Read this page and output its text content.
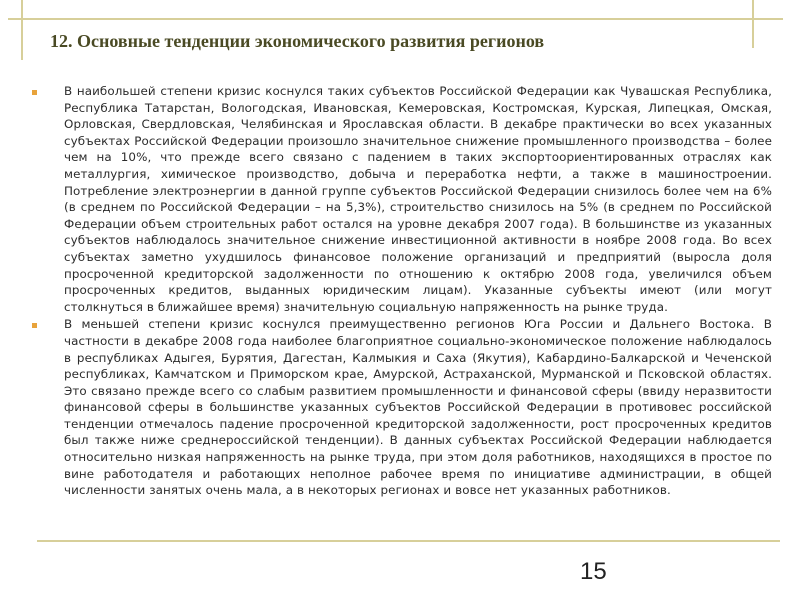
12. Основные тенденции экономического развития регионов
В наибольшей степени кризис коснулся таких субъектов Российской Федерации как Чувашская Республика, Республика Татарстан, Вологодская, Ивановская, Кемеровская, Костромская, Курская, Липецкая, Омская, Орловская, Свердловская, Челябинская и Ярославская области. В декабре практически во всех указанных субъектах Российской Федерации произошло значительное снижение промышленного производства – более чем на 10%, что прежде всего связано с падением в таких экспортоориентированных отраслях как металлургия, химическое производство, добыча и переработка нефти, а также в машиностроении. Потребление электроэнергии в данной группе субъектов Российской Федерации снизилось более чем на 6% (в среднем по Российской Федерации – на 5,3%), строительство снизилось на 5% (в среднем по Российской Федерации объем строительных работ остался на уровне декабря 2007 года). В большинстве из указанных субъектов наблюдалось значительное снижение инвестиционной активности в ноябре 2008 года. Во всех субъектах заметно ухудшилось финансовое положение организаций и предприятий (выросла доля просроченной кредиторской задолженности по отношению к октябрю 2008 года, увеличился объем просроченных кредитов, выданных юридическим лицам). Указанные субъекты имеют (или могут столкнуться в ближайшее время) значительную социальную напряженность на рынке труда.
В меньшей степени кризис коснулся преимущественно регионов Юга России и Дальнего Востока. В частности в декабре 2008 года наиболее благоприятное социально-экономическое положение наблюдалось в республиках Адыгея, Бурятия, Дагестан, Калмыкия и Саха (Якутия), Кабардино-Балкарской и Чеченской республиках, Камчатском и Приморском крае, Амурской, Астраханской, Мурманской и Псковской областях. Это связано прежде всего со слабым развитием промышленности и финансовой сферы (ввиду неразвитости финансовой сферы в большинстве указанных субъектов Российской Федерации в противовес российской тенденции отмечалось падение просроченной кредиторской задолженности, рост просроченных кредитов был также ниже среднероссийской тенденции). В данных субъектах Российской Федерации наблюдается относительно низкая напряженность на рынке труда, при этом доля работников, находящихся в простое по вине работодателя и работающих неполное рабочее время по инициативе администрации, в общей численности занятых очень мала, а в некоторых регионах и вовсе нет указанных работников.
15
